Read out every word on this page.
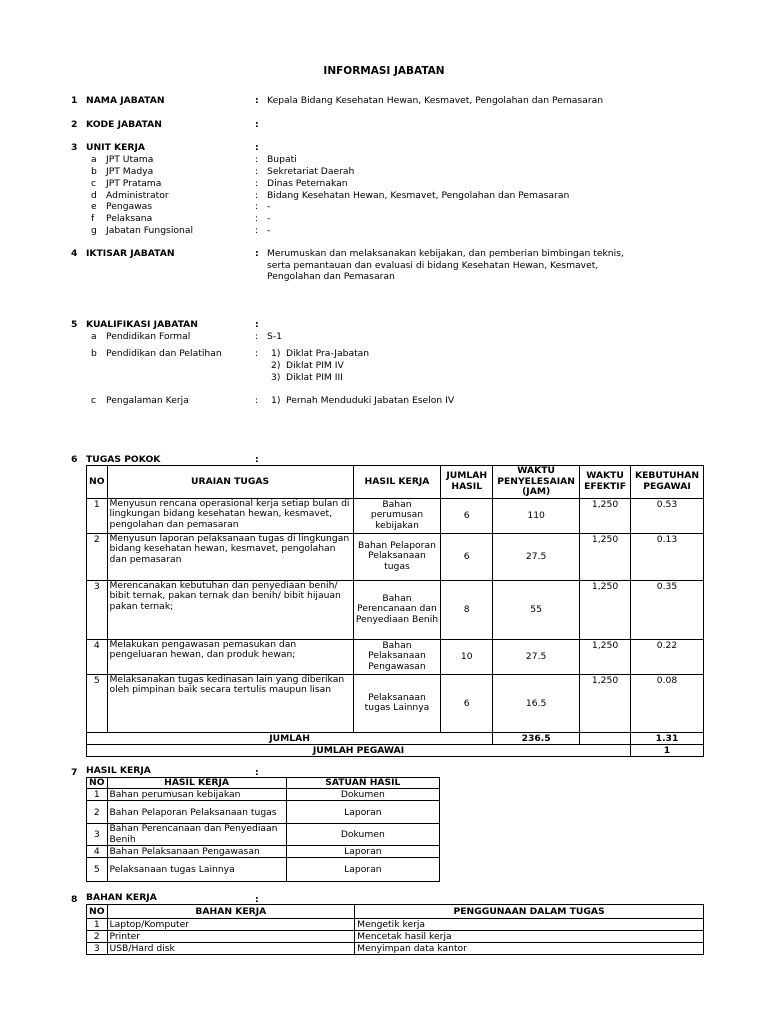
INFORMASI JABATAN
1 NAMA JABATAN	: Kepala Bidang Kesehatan Hewan, Kesmavet, Pengolahan dan Pemasaran
2 KODE JABATAN	:
3 UNIT KERJA	:
a JPT Utama	: Bupati
b JPT Madya	: Sekretariat Daerah
c JPT Pratama	: Dinas Peternakan
d Administrator	: Bidang Kesehatan Hewan, Kesmavet, Pengolahan dan Pemasaran
e Pengawas	: -
f Pelaksana	: -
g Jabatan Fungsional	: -
4 IKTISAR JABATAN	: Merumuskan dan melaksanakan kebijakan, dan pemberian bimbingan teknis,
serta pemantauan dan evaluasi di bidang Kesehatan Hewan, Kesmavet,
Pengolahan dan Pemasaran
5 KUALIFIKASI JABATAN	:
a Pendidikan Formal	: S-1
b Pendidikan dan Pelatihan	: 1) Diklat Pra-Jabatan
2) Diklat PIM IV
3) Diklat PIM III
c Pengalaman Kerja	: 1) Pernah Menduduki Jabatan Eselon IV
6 TUGAS POKOK	:
NO	URAIAN TUGAS	HASIL KERJA	JUMLAH HASIL	WAKTU PENYELESAIAN (JAM)	WAKTU EFEKTIF	KEBUTUHAN PEGAWAI
1	Menyusun rencana operasional kerja setiap bulan di lingkungan bidang kesehatan hewan, kesmavet, pengolahan dan pemasaran	Bahan perumusan kebijakan	6	110	1,250	0.53
2	Menyusun laporan pelaksanaan tugas di lingkungan bidang kesehatan hewan, kesmavet, pengolahan dan pemasaran	Bahan Pelaporan Pelaksanaan tugas	6	27.5	1,250	0.13
3	Merencanakan kebutuhan dan penyediaan benih/ bibit ternak, pakan ternak dan benih/ bibit hijauan pakan ternak;	Bahan Perencanaan dan Penyediaan Benih	8	55	1,250	0.35
4	Melakukan pengawasan pemasukan dan pengeluaran hewan, dan produk hewan;	Bahan Pelaksanaan Pengawasan	10	27.5	1,250	0.22
5	Melaksanakan tugas kedinasan lain yang diberikan oleh pimpinan baik secara tertulis maupun lisan	Pelaksanaan tugas Lainnya	6	16.5	1,250	0.08
JUMLAH				236.5		1.31
JUMLAH PEGAWAI						1
7 HASIL KERJA	:
NO	HASIL KERJA	SATUAN HASIL
1	Bahan perumusan kebijakan	Dokumen
2	Bahan Pelaporan Pelaksanaan tugas	Laporan
3	Bahan Perencanaan dan Penyediaan Benih	Dokumen
4	Bahan Pelaksanaan Pengawasan	Laporan
5	Pelaksanaan tugas Lainnya	Laporan
8 BAHAN KERJA	:
NO	BAHAN KERJA	PENGGUNAAN DALAM TUGAS
1	Laptop/Komputer	Mengetik kerja
2	Printer	Mencetak hasil kerja
3	USB/Hard disk	Menyimpan data kantor
